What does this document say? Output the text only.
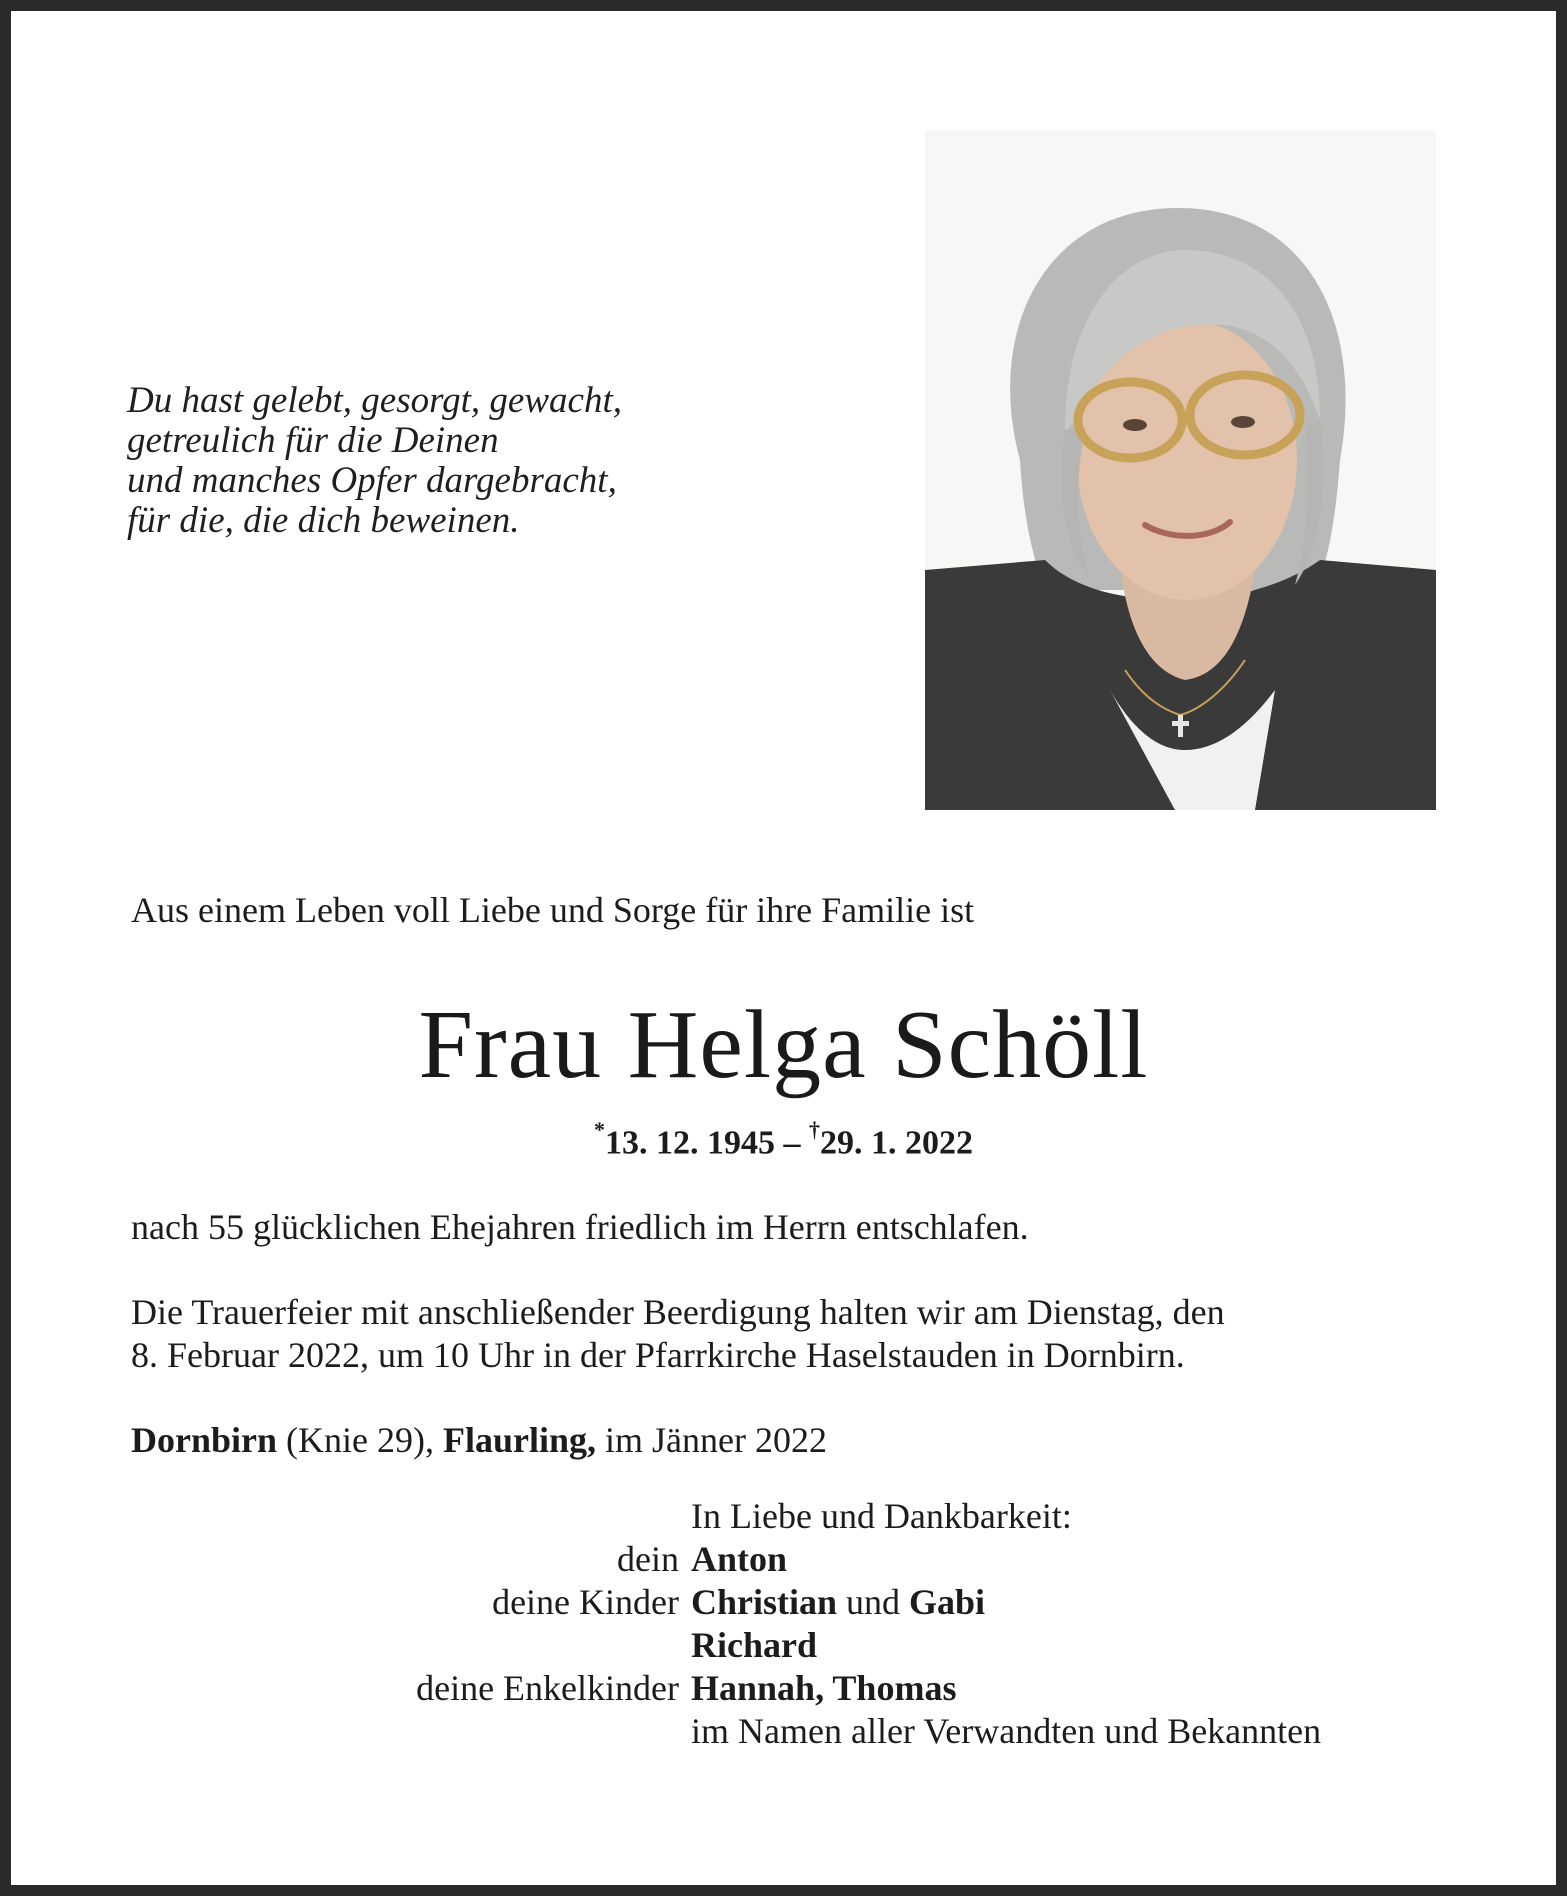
Du hast gelebt, gesorgt, gewacht,
getreulich für die Deinen
und manches Opfer dargebracht,
für die, die dich beweinen.
Aus einem Leben voll Liebe und Sorge für ihre Familie ist
Frau Helga Schöll
*13. 12. 1945 – †29. 1. 2022
nach 55 glücklichen Ehejahren friedlich im Herrn entschlafen.
Die Trauerfeier mit anschließender Beerdigung halten wir am Dienstag, den
8. Februar 2022, um 10 Uhr in der Pfarrkirche Haselstauden in Dornbirn.
Dornbirn (Knie 29), Flaurling, im Jänner 2022
In Liebe und Dankbarkeit:
dein Anton
deine Kinder Christian und Gabi
Richard
deine Enkelkinder Hannah, Thomas
im Namen aller Verwandten und Bekannten
